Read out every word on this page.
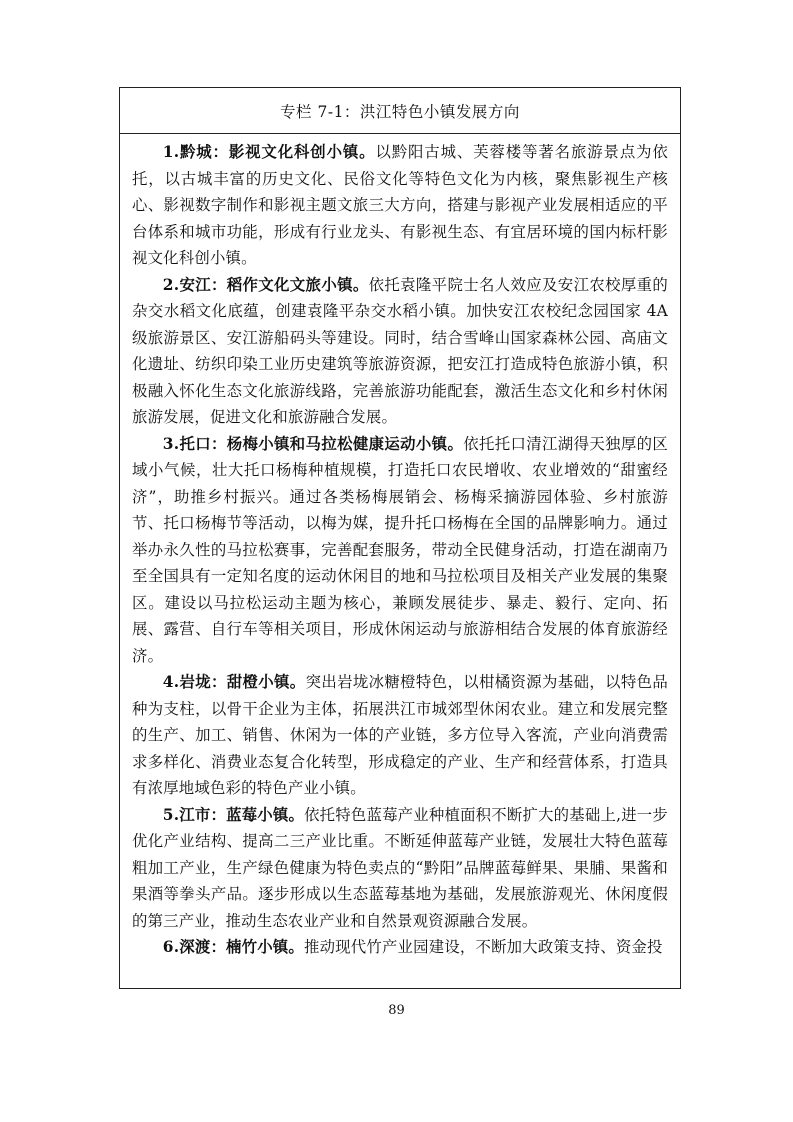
专栏 7-1：洪江特色小镇发展方向

1.黔城：影视文化科创小镇。以黔阳古城、芙蓉楼等著名旅游景点为依托，以古城丰富的历史文化、民俗文化等特色文化为内核，聚焦影视生产核心、影视数字制作和影视主题文旅三大方向，搭建与影视产业发展相适应的平台体系和城市功能，形成有行业龙头、有影视生态、有宜居环境的国内标杆影视文化科创小镇。

2.安江：稻作文化文旅小镇。依托袁隆平院士名人效应及安江农校厚重的杂交水稻文化底蕴，创建袁隆平杂交水稻小镇。加快安江农校纪念园国家 4A 级旅游景区、安江游船码头等建设。同时，结合雪峰山国家森林公园、高庙文化遗址、纺织印染工业历史建筑等旅游资源，把安江打造成特色旅游小镇，积极融入怀化生态文化旅游线路，完善旅游功能配套，激活生态文化和乡村休闲旅游发展，促进文化和旅游融合发展。

3.托口：杨梅小镇和马拉松健康运动小镇。依托托口清江湖得天独厚的区域小气候，壮大托口杨梅种植规模，打造托口农民增收、农业增效的“甜蜜经济”，助推乡村振兴。通过各类杨梅展销会、杨梅采摘游园体验、乡村旅游节、托口杨梅节等活动，以梅为媒，提升托口杨梅在全国的品牌影响力。通过举办永久性的马拉松赛事，完善配套服务，带动全民健身活动，打造在湖南乃至全国具有一定知名度的运动休闲目的地和马拉松项目及相关产业发展的集聚区。建设以马拉松运动主题为核心，兼顾发展徒步、暴走、毅行、定向、拓展、露营、自行车等相关项目，形成休闲运动与旅游相结合发展的体育旅游经济。

4.岩垅：甜橙小镇。突出岩垅冰糖橙特色，以柑橘资源为基础，以特色品种为支柱，以骨干企业为主体，拓展洪江市城郊型休闲农业。建立和发展完整的生产、加工、销售、休闲为一体的产业链，多方位导入客流，产业向消费需求多样化、消费业态复合化转型，形成稳定的产业、生产和经营体系，打造具有浓厚地域色彩的特色产业小镇。

5.江市：蓝莓小镇。依托特色蓝莓产业种植面积不断扩大的基础上,进一步优化产业结构、提高二三产业比重。不断延伸蓝莓产业链，发展壮大特色蓝莓粗加工产业，生产绿色健康为特色卖点的“黔阳”品牌蓝莓鲜果、果脯、果酱和果酒等拳头产品。逐步形成以生态蓝莓基地为基础，发展旅游观光、休闲度假的第三产业，推动生态农业产业和自然景观资源融合发展。

6.深渡：楠竹小镇。推动现代竹产业园建设，不断加大政策支持、资金投

89
